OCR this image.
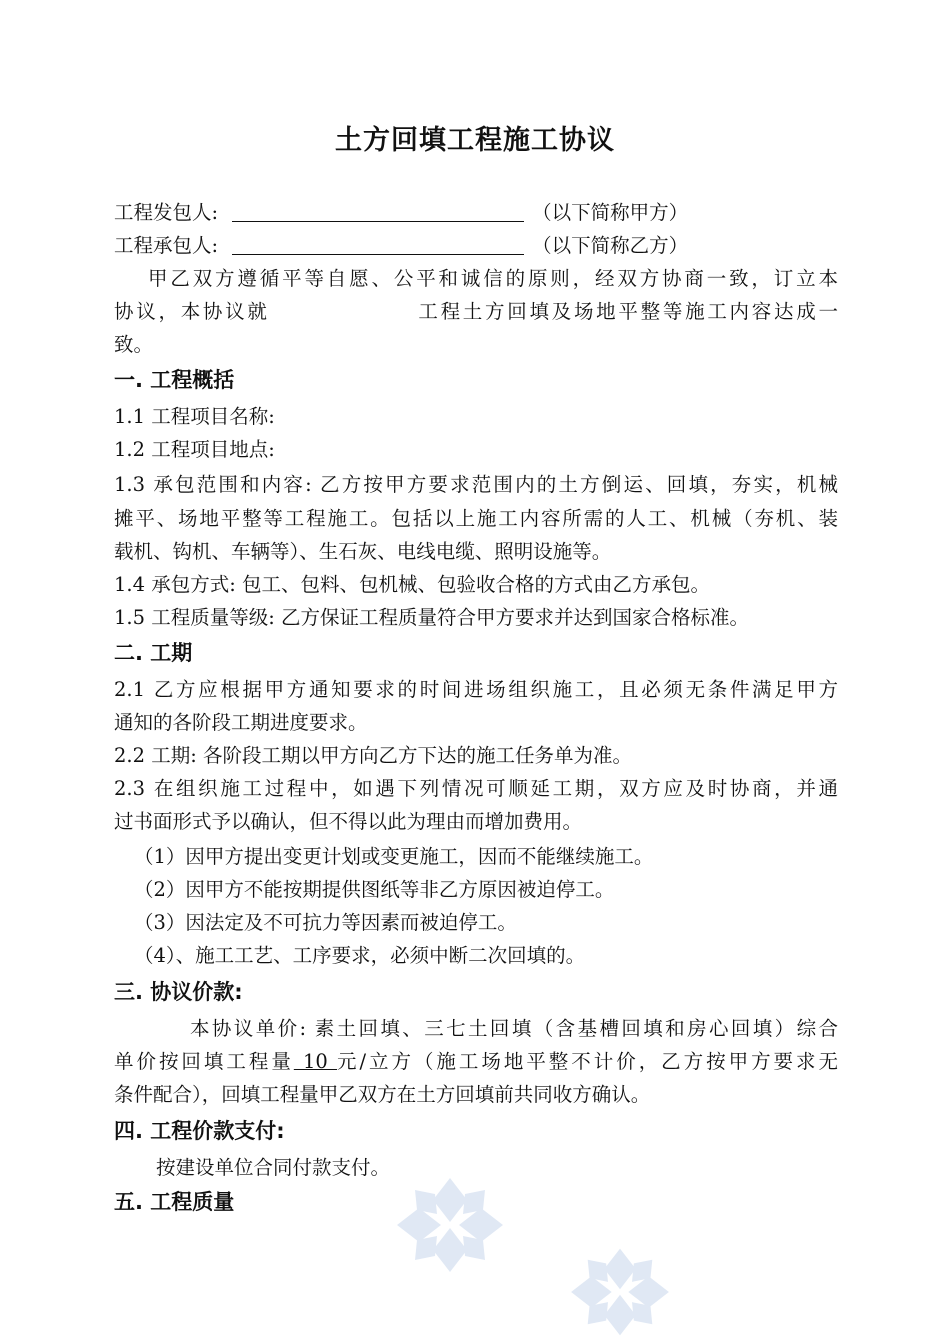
土方回填工程施工协议
工程发包人:	（以下简称甲方）
工程承包人:	（以下简称乙方）
甲乙双方遵循平等自愿、公平和诚信的原则，经双方协商一致，订立本
协议，本协议就	工程土方回填及场地平整等施工内容达成一
致。
一. 工程概括
1.1 工程项目名称:
1.2 工程项目地点:
1.3 承包范围和内容: 乙方按甲方要求范围内的土方倒运、回填，夯实，机械
摊平、场地平整等工程施工。包括以上施工内容所需的人工、机械（夯机、装
载机、钩机、车辆等）、生石灰、电线电缆、照明设施等。
1.4 承包方式: 包工、包料、包机械、包验收合格的方式由乙方承包。
1.5 工程质量等级: 乙方保证工程质量符合甲方要求并达到国家合格标准。
二. 工期
2.1 乙方应根据甲方通知要求的时间进场组织施工，且必须无条件满足甲方
通知的各阶段工期进度要求。
2.2 工期: 各阶段工期以甲方向乙方下达的施工任务单为准。
2.3 在组织施工过程中，如遇下列情况可顺延工期，双方应及时协商，并通
过书面形式予以确认，但不得以此为理由而增加费用。
（1）因甲方提出变更计划或变更施工，因而不能继续施工。
（2）因甲方不能按期提供图纸等非乙方原因被迫停工。
（3）因法定及不可抗力等因素而被迫停工。
（4）、施工工艺、工序要求，必须中断二次回填的。
三. 协议价款:
本协议单价: 素土回填、三七土回填（含基槽回填和房心回填）综合
单价按回填工程量 10 元/立方（施工场地平整不计价，乙方按甲方要求无
条件配合），回填工程量甲乙双方在土方回填前共同收方确认。
四. 工程价款支付:
按建设单位合同付款支付。
五. 工程质量
